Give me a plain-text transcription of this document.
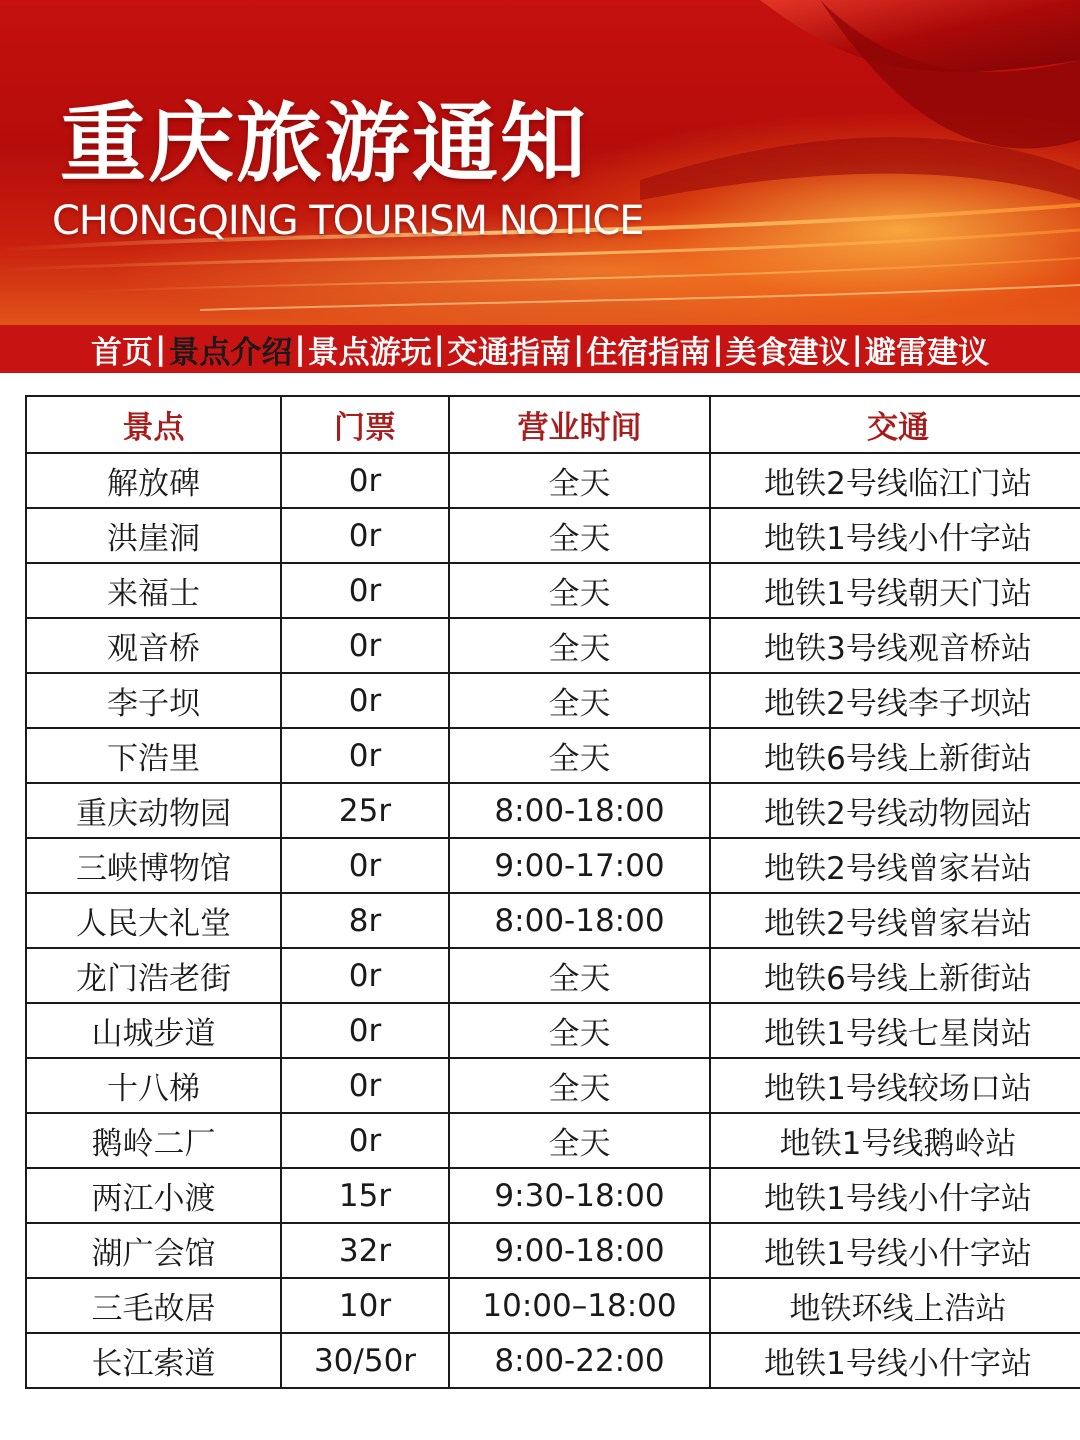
重庆旅游通知
CHONGQING TOURISM NOTICE
首页 | 景点介绍 | 景点游玩 | 交通指南 | 住宿指南 | 美食建议 | 避雷建议
景点	门票	营业时间	交通
解放碑	0r	全天	地铁2号线临江门站
洪崖洞	0r	全天	地铁1号线小什字站
来福士	0r	全天	地铁1号线朝天门站
观音桥	0r	全天	地铁3号线观音桥站
李子坝	0r	全天	地铁2号线李子坝站
下浩里	0r	全天	地铁6号线上新街站
重庆动物园	25r	8:00-18:00	地铁2号线动物园站
三峡博物馆	0r	9:00-17:00	地铁2号线曾家岩站
人民大礼堂	8r	8:00-18:00	地铁2号线曾家岩站
龙门浩老街	0r	全天	地铁6号线上新街站
山城步道	0r	全天	地铁1号线七星岗站
十八梯	0r	全天	地铁1号线较场口站
鹅岭二厂	0r	全天	地铁1号线鹅岭站
两江小渡	15r	9:30-18:00	地铁1号线小什字站
湖广会馆	32r	9:00-18:00	地铁1号线小什字站
三毛故居	10r	10:00–18:00	地铁环线上浩站
长江索道	30/50r	8:00-22:00	地铁1号线小什字站
